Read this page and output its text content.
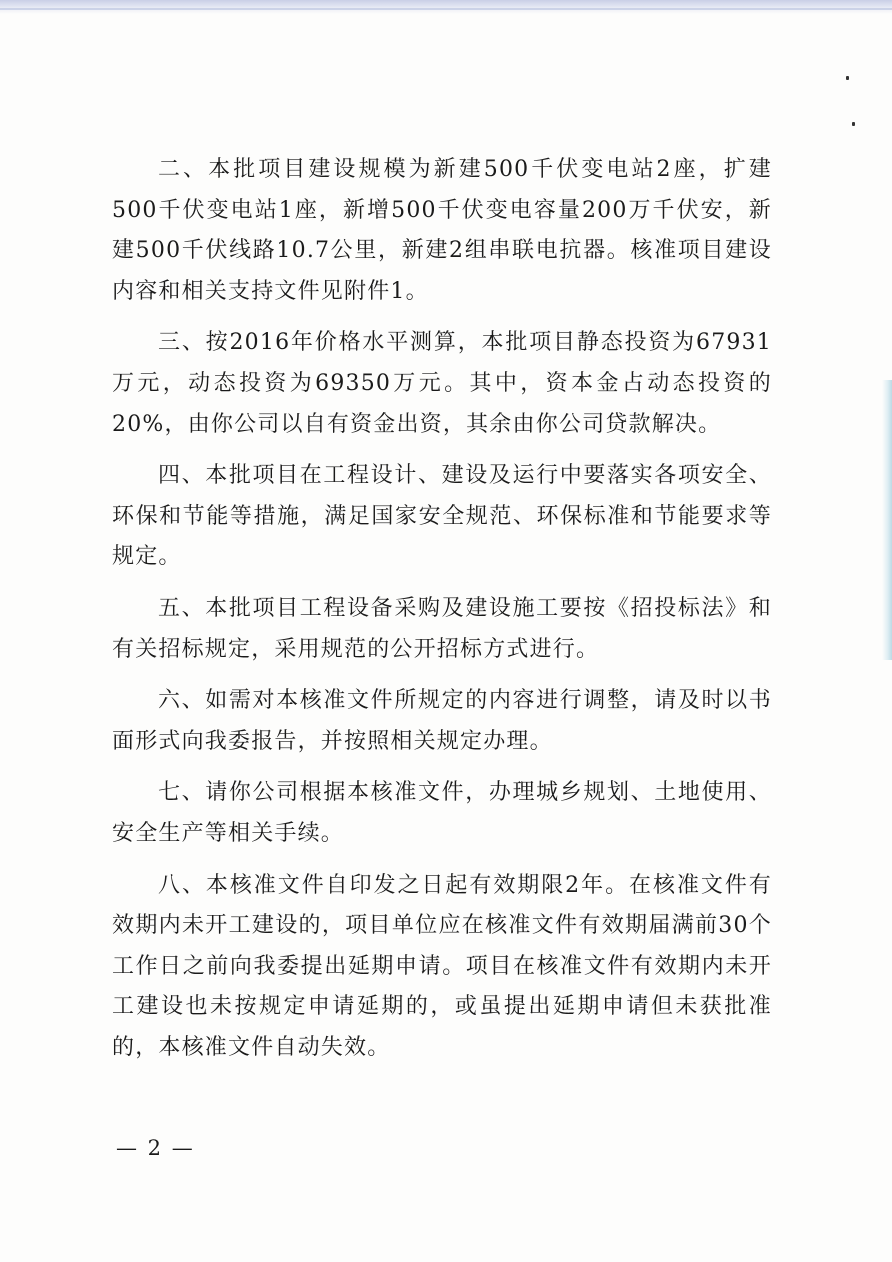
二、本批项目建设规模为新建500千伏变电站2座，扩建500千伏变电站1座，新增500千伏变电容量200万千伏安，新建500千伏线路10.7公里，新建2组串联电抗器。核准项目建设内容和相关支持文件见附件1。

三、按2016年价格水平测算，本批项目静态投资为67931万元，动态投资为69350万元。其中，资本金占动态投资的20%，由你公司以自有资金出资，其余由你公司贷款解决。

四、本批项目在工程设计、建设及运行中要落实各项安全、环保和节能等措施，满足国家安全规范、环保标准和节能要求等规定。

五、本批项目工程设备采购及建设施工要按《招投标法》和有关招标规定，采用规范的公开招标方式进行。

六、如需对本核准文件所规定的内容进行调整，请及时以书面形式向我委报告，并按照相关规定办理。

七、请你公司根据本核准文件，办理城乡规划、土地使用、安全生产等相关手续。

八、本核准文件自印发之日起有效期限2年。在核准文件有效期内未开工建设的，项目单位应在核准文件有效期届满前30个工作日之前向我委提出延期申请。项目在核准文件有效期内未开工建设也未按规定申请延期的，或虽提出延期申请但未获批准的，本核准文件自动失效。

— 2 —
